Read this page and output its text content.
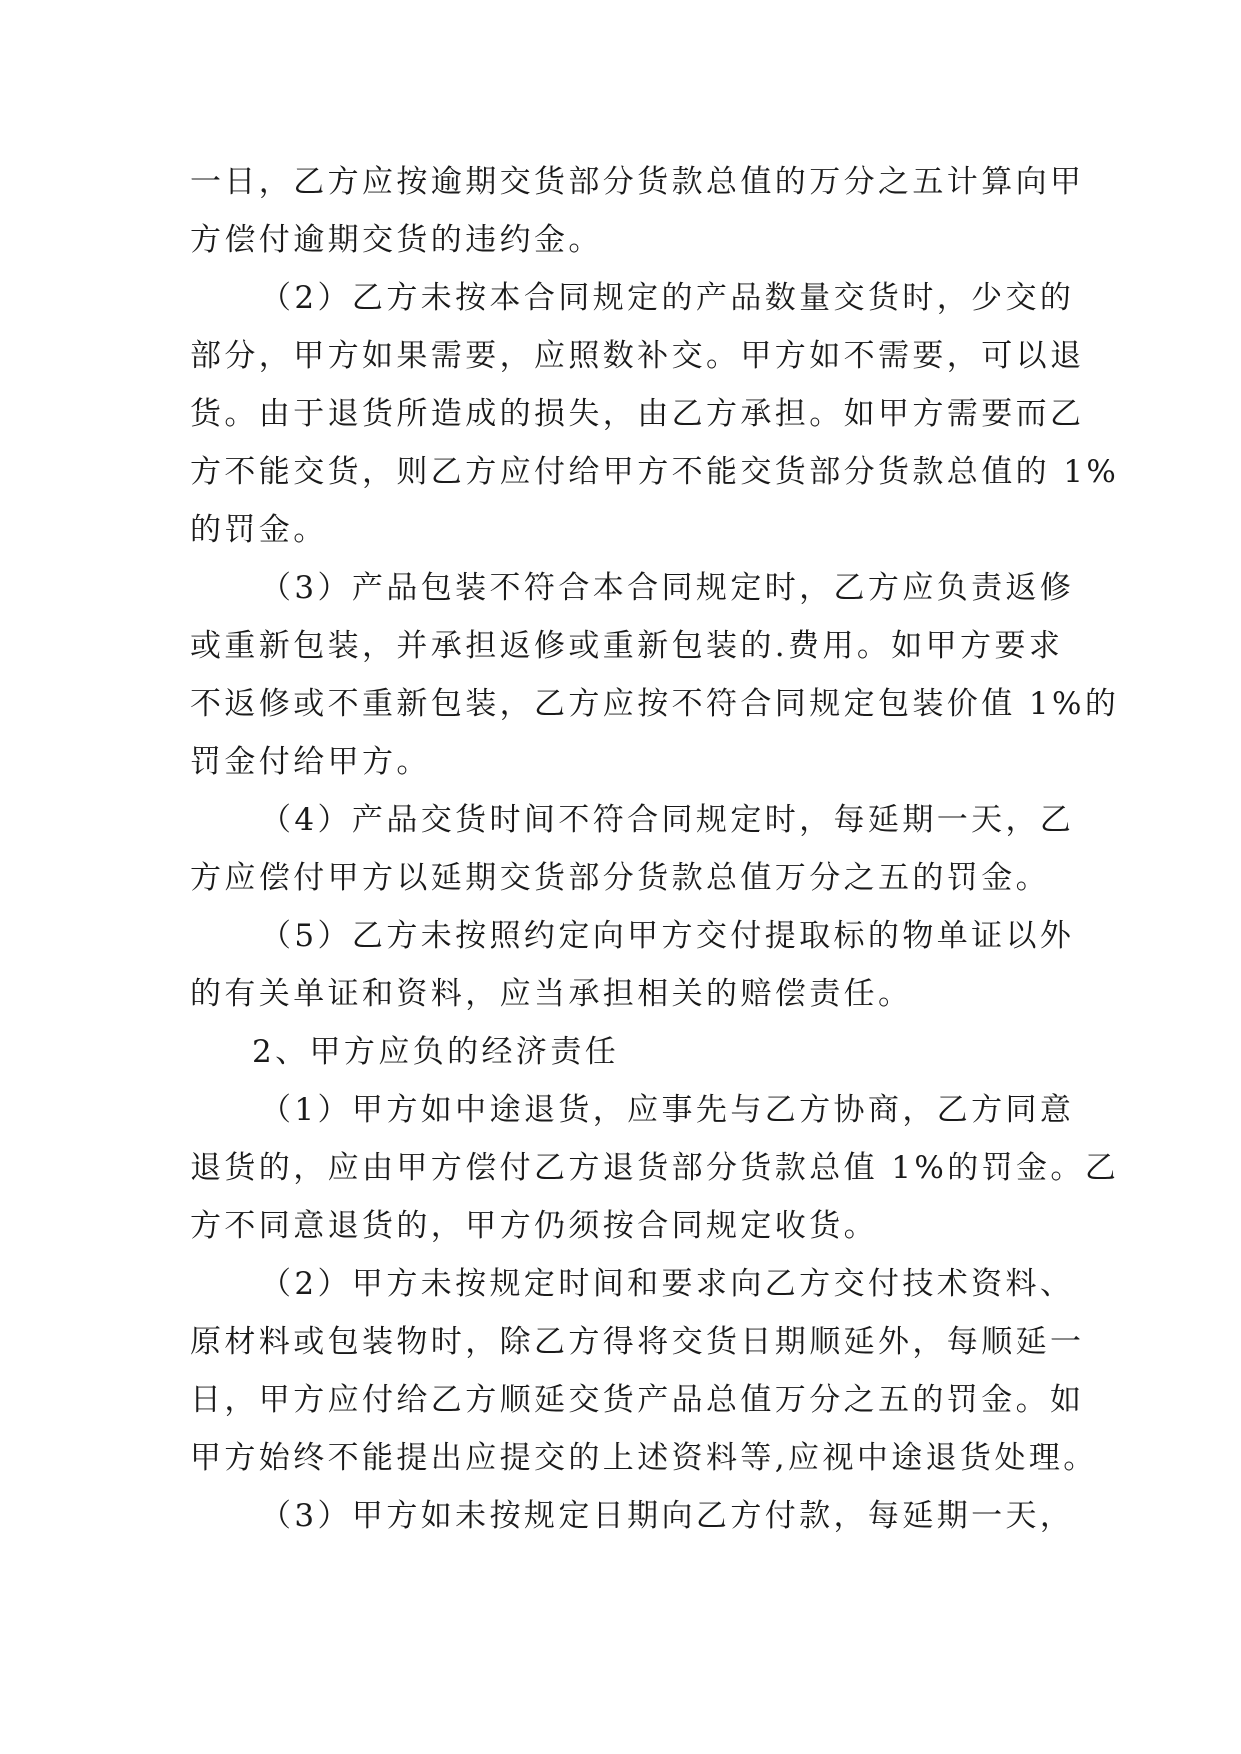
一日，乙方应按逾期交货部分货款总值的万分之五计算向甲
方偿付逾期交货的违约金。
（2）乙方未按本合同规定的产品数量交货时，少交的
部分，甲方如果需要，应照数补交。甲方如不需要，可以退
货。由于退货所造成的损失，由乙方承担。如甲方需要而乙
方不能交货，则乙方应付给甲方不能交货部分货款总值的 1%
的罚金。
（3）产品包装不符合本合同规定时，乙方应负责返修
或重新包装，并承担返修或重新包装的.费用。如甲方要求
不返修或不重新包装，乙方应按不符合同规定包装价值 1%的
罚金付给甲方。
（4）产品交货时间不符合同规定时，每延期一天，乙
方应偿付甲方以延期交货部分货款总值万分之五的罚金。
（5）乙方未按照约定向甲方交付提取标的物单证以外
的有关单证和资料，应当承担相关的赔偿责任。
2、甲方应负的经济责任
（1）甲方如中途退货，应事先与乙方协商，乙方同意
退货的，应由甲方偿付乙方退货部分货款总值 1%的罚金。乙
方不同意退货的，甲方仍须按合同规定收货。
（2）甲方未按规定时间和要求向乙方交付技术资料、
原材料或包装物时，除乙方得将交货日期顺延外，每顺延一
日，甲方应付给乙方顺延交货产品总值万分之五的罚金。如
甲方始终不能提出应提交的上述资料等,应视中途退货处理。
（3）甲方如未按规定日期向乙方付款，每延期一天，
